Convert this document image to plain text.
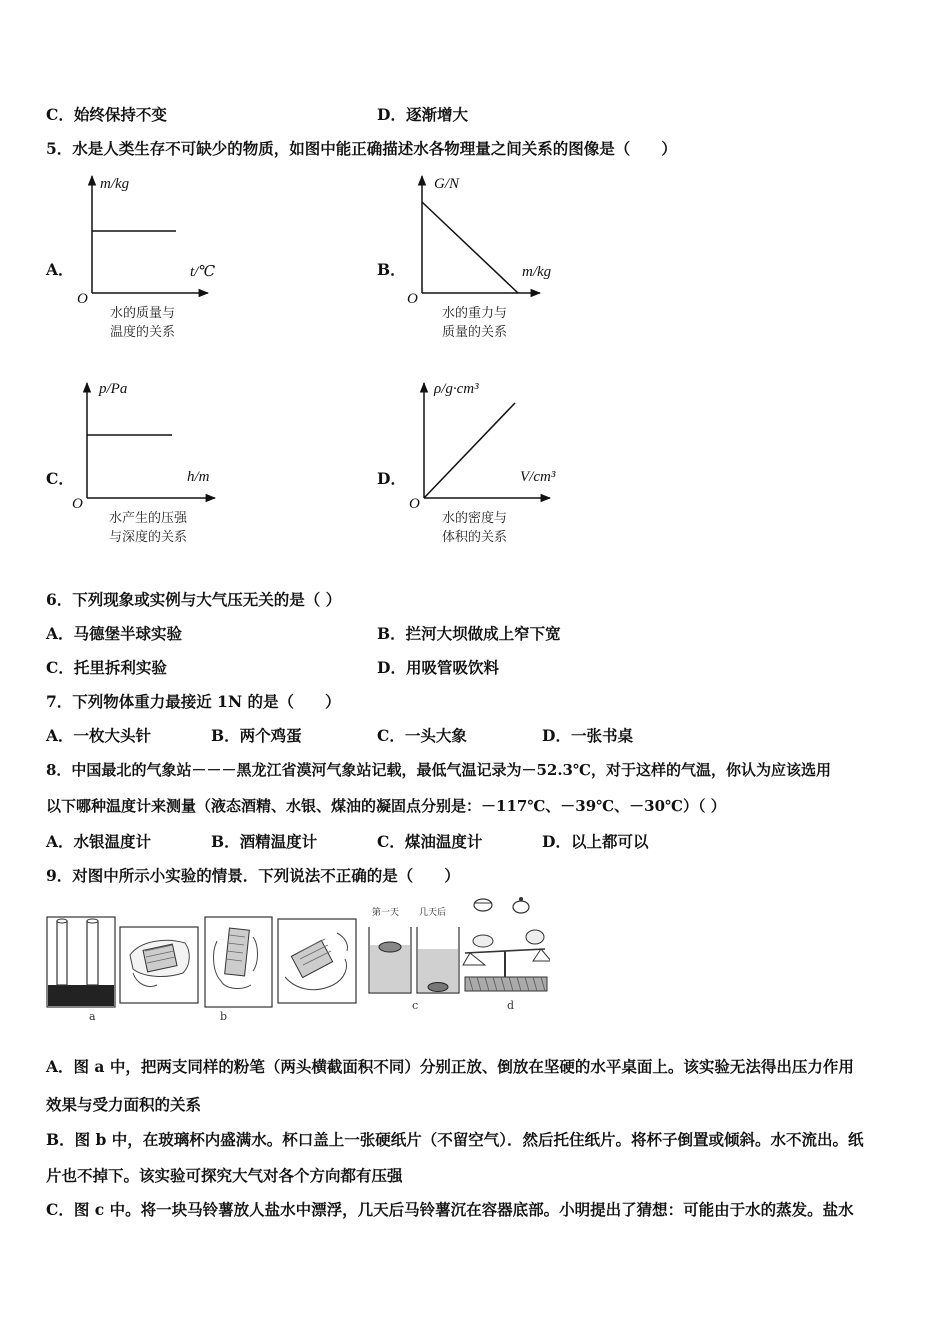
C．始终保持不变	D．逐渐增大
5．水是人类生存不可缺少的物质，如图中能正确描述水各物理量之间关系的图像是（　　）
A．
m/kg
t/℃
O
水的质量与
温度的关系
B．
G/N
m/kg
O
水的重力与
质量的关系
C．
p/Pa
h/m
O
水产生的压强
与深度的关系
D．
ρ/g·cm³
V/cm³
O
水的密度与
体积的关系
6．下列现象或实例与大气压无关的是（ ）
A．马德堡半球实验	B．拦河大坝做成上窄下宽
C．托里拆利实验	D．用吸管吸饮料
7．下列物体重力最接近 1N 的是（　　）
A．一枚大头针	B．两个鸡蛋	C．一头大象	D．一张书桌
8．中国最北的气象站－－－黑龙江省漠河气象站记载，最低气温记录为－52.3℃，对于这样的气温，你认为应该选用
以下哪种温度计来测量（液态酒精、水银、煤油的凝固点分别是：－117℃、－39℃、－30℃）（ ）
A．水银温度计	B．酒精温度计	C．煤油温度计	D．以上都可以
9．对图中所示小实验的情景．下列说法不正确的是（　　）
a	b
第一天 几天后
c	d
A．图 a 中，把两支同样的粉笔（两头横截面积不同）分别正放、倒放在坚硬的水平桌面上。该实验无法得出压力作用
效果与受力面积的关系
B．图 b 中，在玻璃杯内盛满水。杯口盖上一张硬纸片（不留空气）．然后托住纸片。将杯子倒置或倾斜。水不流出。纸
片也不掉下。该实验可探究大气对各个方向都有压强
C．图 c 中。将一块马铃薯放人盐水中漂浮，几天后马铃薯沉在容器底部。小明提出了猜想：可能由于水的蒸发。盐水
